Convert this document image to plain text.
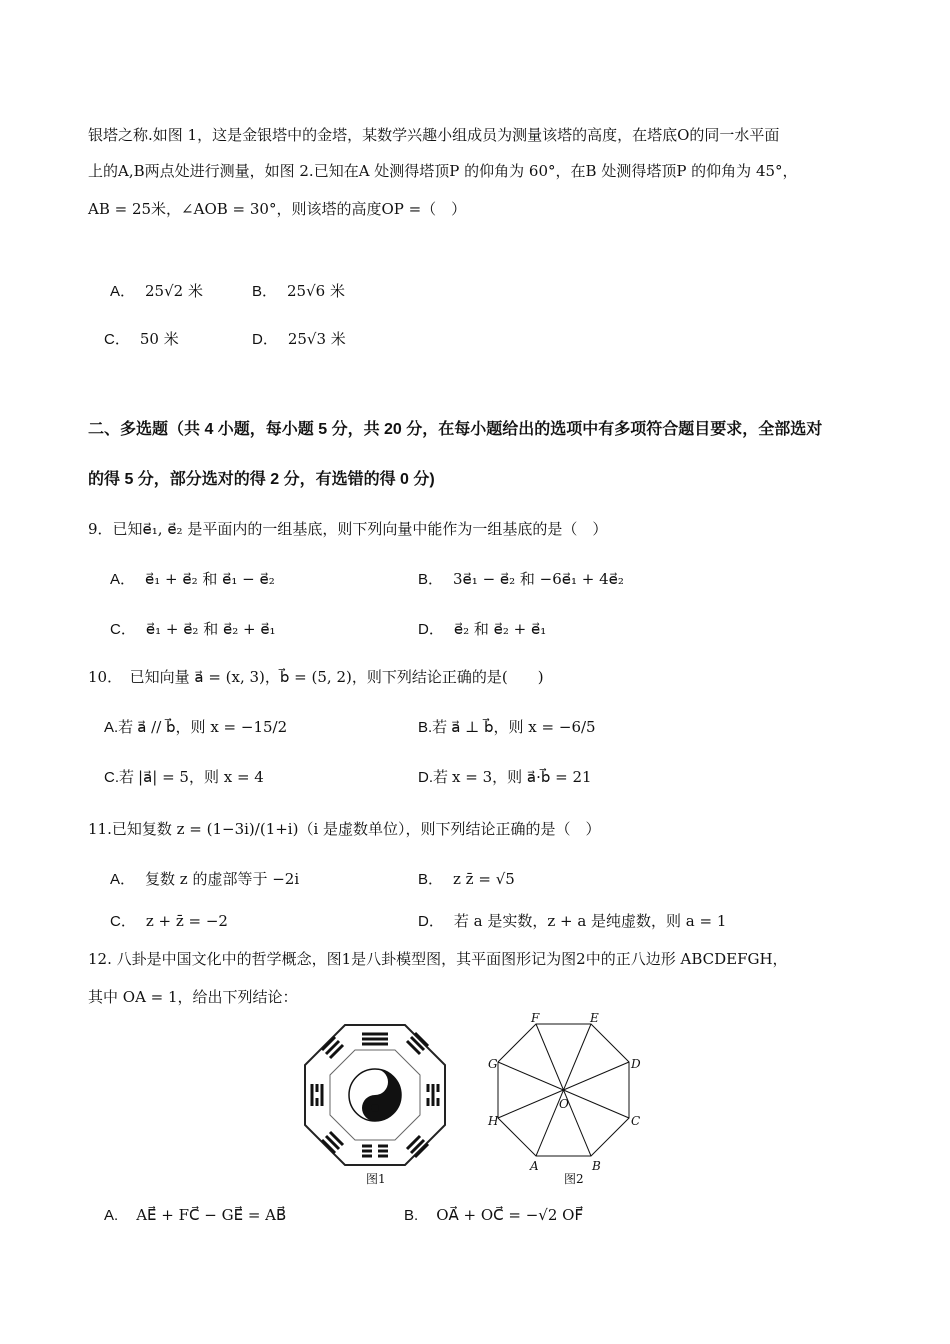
银塔之称.如图 1，这是金银塔中的金塔，某数学兴趣小组成员为测量该塔的高度，在塔底O的同一水平面
上的A,B两点处进行测量，如图 2.已知在A 处测得塔顶P 的仰角为 60°，在B 处测得塔顶P 的仰角为 45°，
AB = 25米，∠AOB = 30°，则该塔的高度OP =（　）
A． 25√2 米	B． 25√6 米
C． 50 米	D． 25√3 米
二、多选题（共 4 小题，每小题 5 分，共 20 分，在每小题给出的选项中有多项符合题目要求，全部选对
的得 5 分，部分选对的得 2 分，有选错的得 0 分)
9．已知e⃗₁, e⃗₂ 是平面内的一组基底，则下列向量中能作为一组基底的是（　）
A． e⃗₁ + e⃗₂ 和 e⃗₁ − e⃗₂	B． 3e⃗₁ − e⃗₂ 和 −6e⃗₁ + 4e⃗₂
C． e⃗₁ + e⃗₂ 和 e⃗₂ + e⃗₁	D． e⃗₂ 和 e⃗₂ + e⃗₁
10．　已知向量 a⃗ = (x, 3)，b⃗ = (5, 2)，则下列结论正确的是(　　)
A.若 a⃗ // b⃗，则 x = −15/2	B.若 a⃗ ⊥ b⃗，则 x = −6/5
C.若 |a⃗| = 5，则 x = 4	D.若 x = 3，则 a⃗·b⃗ = 21
11.已知复数 z = (1−3i)/(1+i)（i 是虚数单位），则下列结论正确的是（　）
A． 复数 z 的虚部等于 −2i	B． z z̄ = √5
C． z + z̄ = −2	D． 若 a 是实数，z + a 是纯虚数，则 a = 1
12. 八卦是中国文化中的哲学概念，图1是八卦模型图，其平面图形记为图2中的正八边形 ABCDEFGH，
其中 OA = 1，给出下列结论：
图1
A	B
C
D
E
F
G
H
O
图2
A. AE⃗ + FC⃗ − GE⃗ = AB⃗	B. OA⃗ + OC⃗ = −√2 OF⃗
